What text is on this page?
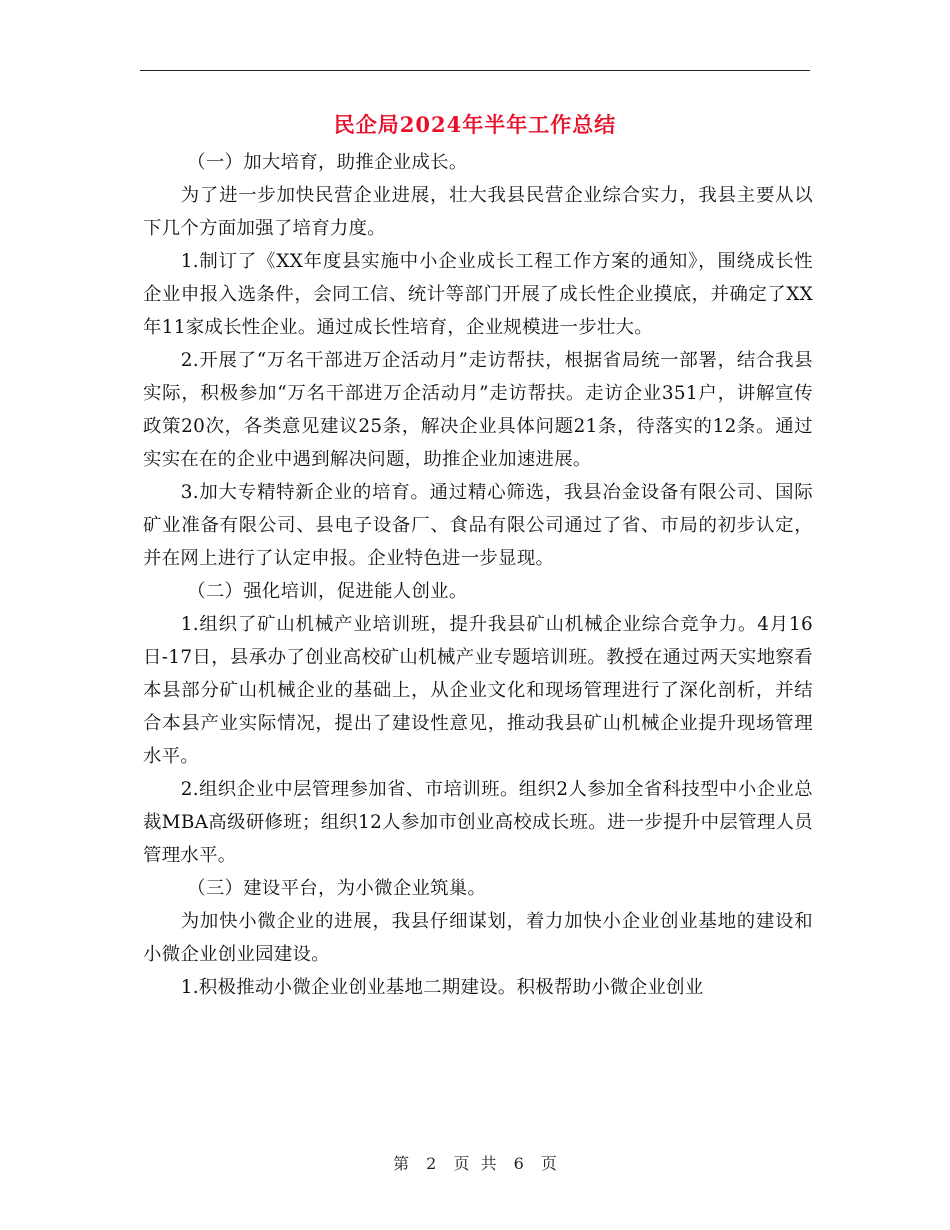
民企局2024年半年工作总结

（一）加大培育，助推企业成长。

为了进一步加快民营企业进展，壮大我县民营企业综合实力，我县主要从以下几个方面加强了培育力度。

1.制订了《XX年度县实施中小企业成长工程工作方案的通知》，围绕成长性企业申报入选条件，会同工信、统计等部门开展了成长性企业摸底，并确定了XX年11家成长性企业。通过成长性培育，企业规模进一步壮大。

2.开展了“万名干部进万企活动月”走访帮扶，根据省局统一部署，结合我县实际，积极参加“万名干部进万企活动月”走访帮扶。走访企业351户，讲解宣传政策20次，各类意见建议25条，解决企业具体问题21条，待落实的12条。通过实实在在的企业中遇到解决问题，助推企业加速进展。

3.加大专精特新企业的培育。通过精心筛选，我县冶金设备有限公司、国际矿业准备有限公司、县电子设备厂、食品有限公司通过了省、市局的初步认定，并在网上进行了认定申报。企业特色进一步显现。

（二）强化培训，促进能人创业。

1.组织了矿山机械产业培训班，提升我县矿山机械企业综合竞争力。4月16日-17日，县承办了创业高校矿山机械产业专题培训班。教授在通过两天实地察看本县部分矿山机械企业的基础上，从企业文化和现场管理进行了深化剖析，并结合本县产业实际情况，提出了建设性意见，推动我县矿山机械企业提升现场管理水平。

2.组织企业中层管理参加省、市培训班。组织2人参加全省科技型中小企业总裁MBA高级研修班；组织12人参加市创业高校成长班。进一步提升中层管理人员管理水平。

（三）建设平台，为小微企业筑巢。

为加快小微企业的进展，我县仔细谋划，着力加快小企业创业基地的建设和小微企业创业园建设。

1.积极推动小微企业创业基地二期建设。积极帮助小微企业创业

第 2 页 共 6 页
